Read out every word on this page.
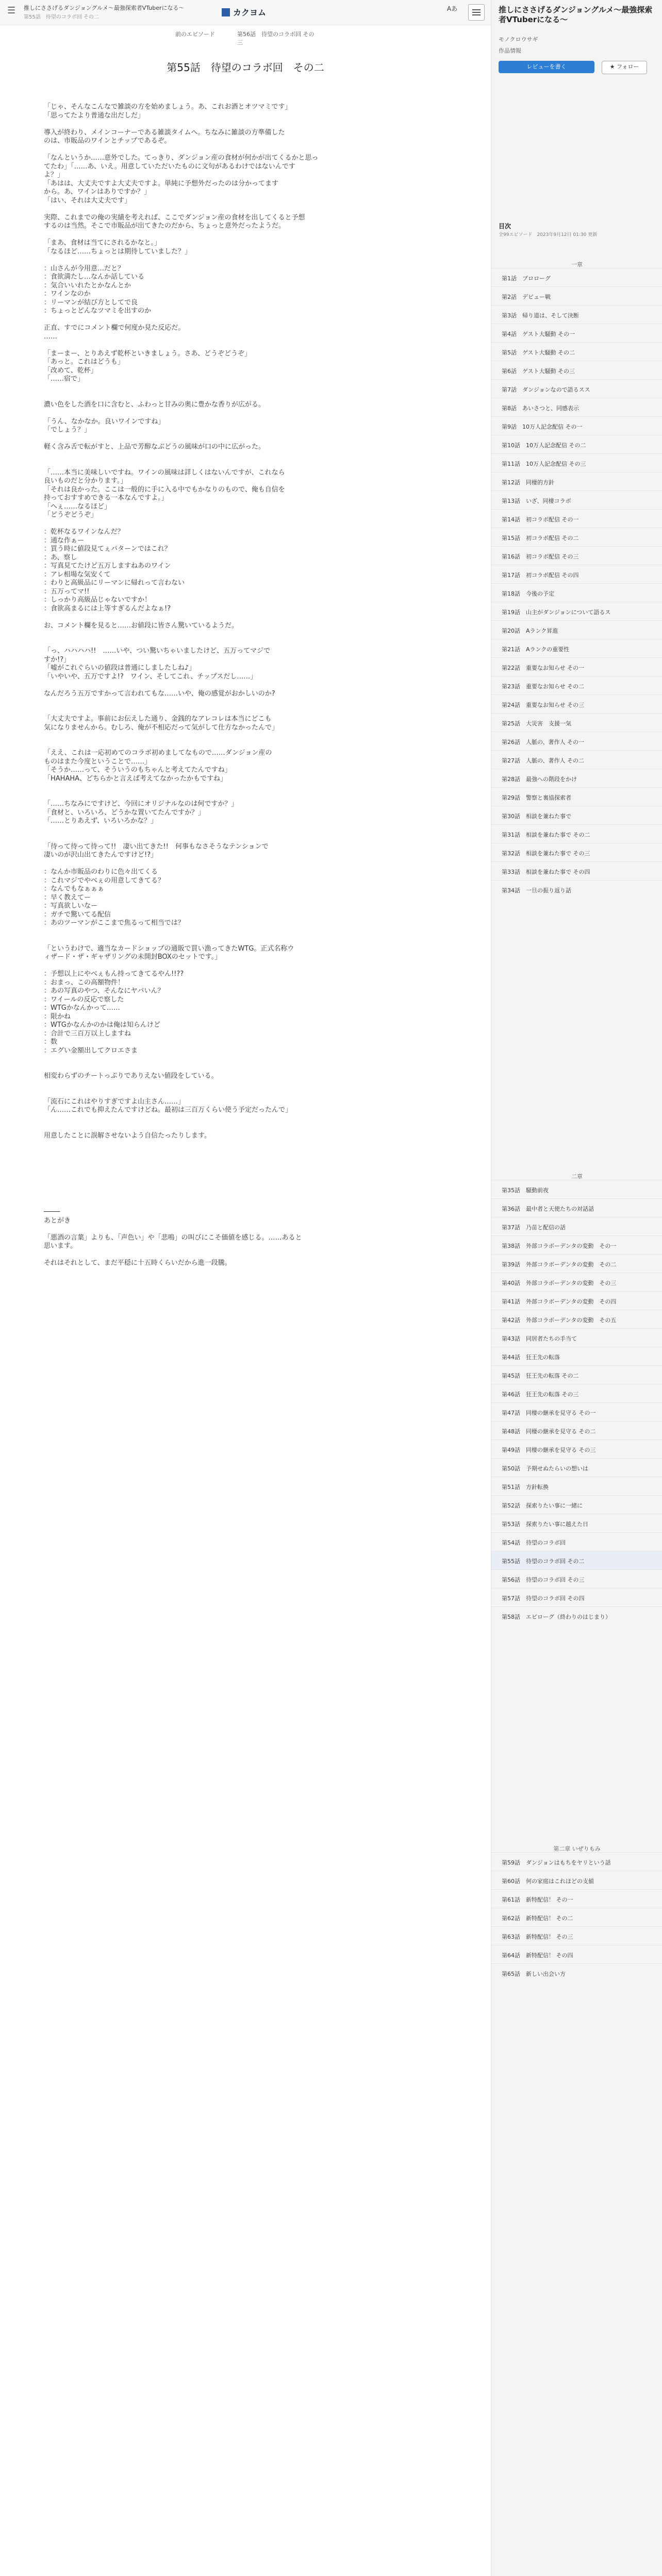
☰	推しにささげるダンジョングルメ～最強探索者VTuberになる～
第55話　待望のコラボ回 その二	カクヨム	Aあ
前のエピソード	第56話　待望のコラボ回 その三
第55話　待望のコラボ回　その二
「じゃ、そんなこんなで雑談の方を始めましょう。あ、これお酒とオツマミです」
「思ってたより普通な出だしだ」

導入が終わり、メインコーナーである雑談タイムへ。ちなみに雑談の方準備した
のは、市販品のワインとチップであるぞ。

「なんというか……意外でした。てっきり、ダンジョン産の食材が何かが出てくるかと思っ
てたわ」「……あ、いえ。用意していただいたものに文句があるわけではないんです
よ？」
「あはは、大丈夫ですよ大丈夫ですよ。単純に予想外だったのは分かってます
から。あ、ワインはありですか？」
「はい、それは大丈夫です」

実際、これまでの俺の実績を考えれば、ここでダンジョン産の食材を出してくると予想
するのは当然。そこで市販品が出てきたのだから、ちょっと意外だったようだ。

「まあ、食材は当てにされるかなと。」
「なるほど……ちょっとは期待していました？」

：山さんが今用意…だと？
：食欲満たし…なんか話している
：気合いいれたとかなんとか
：ワインなのか
：リーマンが結び方としてで良
：ちょっとどんなツマミを出すのか

正直、すでにコメント欄で何度か見た反応だ。
……

「まーまー、とりあえず乾杯といきましょう。さあ、どうぞどうぞ」
「あっと。これはどうも」
「改めて、乾杯」
「……宿で」

濃い色をした酒を口に含むと、ふわっと甘みの奥に豊かな香りが広がる。

「うん、なかなか。良いワインですね」
「でしょう？」

軽く含み舌で転がすと、上品で芳醇なぶどうの風味が口の中に広がった。

「……本当に美味しいですね。ワインの風味は詳しくはないんですが、これなら
良いものだと分かります。」
「それは良かった。ここは一般的に手に入る中でもかなりのもので、俺も自信を
持っておすすめできる一本なんですよ。」
「へぇ……なるほど」
「どうぞどうぞ」

：乾杯なるワインなんだ？
：通な作ぁー
：買う時に値段見てぇパターンではこれ？
：あ、察し
：写真見てたけど五万しますねあのワイン
：アレ相場な気安くて
：わりと高級品にリーマンに帰れって言わない
：五万ってマ!!
：しっかり高級品じゃないですか！
：食欲高まるには上等すぎるんだよなぁ!?

お、コメント欄を見ると……お値段に皆さん驚いているようだ。

「っ、ハハハハ!!　……いや、つい驚いちゃいましたけど、五万ってマジで
すか!?」
「嘘がこれぐらいの値段は普通にしましたしね♪」
「いやいや、五万ですよ!?　ワイン、そしてこれ、チップスだし……」

なんだろう五万ですかって言われてもな……いや、俺の感覚がおかしいのか?

「大丈夫ですよ。事前にお伝えした通り、金銭的なアレコレは本当にどこも
気になりませんから。むしろ、俺が不相応だって気がして仕方なかったんで」

「ええ、これは一応初めてのコラボ初めましてなもので……ダンジョン産の
ものはまた今度ということで……」
「そうか……って、そういうのもちゃんと考えてたんですね」
「HAHAHA、どちらかと言えば考えてなかったかもですね」

「……ちなみにですけど、今回にオリジナルなのは何ですか？」
「食材と、いろいろ、どうかな置いてたんですか？」
「……とりあえず、いろいろかな？」

「待って待って待って!!　凄い出てきた!!　何事もなさそうなテンションで
凄いのが沢山出てきたんですけど!?」

：なんか市販品のわりに色々出てくる
：これマジでやべぇの用意してきてる？
：なんでもなぁぁぁ
：早く教えてー
：写真欲しいなー
：ガチで驚いてる配信
：あのツーマンがここまで焦るって相当では？

「というわけで、適当なカードショップの通販で買い漁ってきたWTG。正式名称ウ
ィザード・ザ・ギャザリングの未開封BOXのセットです。」

：予想以上にやべぇもん持ってきてるやん!!??
：おまっ、この高額物件！
：あの写真のやつ、そんなにヤバいん？
：ワイールの反応で察した
：WTGかなんかって……
：限かね
：WTGかなんかのかは俺は知らんけど
：合計で三百万以上しますね
：数
：エグい金額出してクロエさま

相変わらずのチートっぷりでありえない値段をしている。

「流石にこれはやりすぎですよ山主さん……」
「ん……これでも抑えたんですけどね。最初は三百万くらい使う予定だったんで」

用意したことに誤解させないよう自信たったりします。

────
あとがき

「悪酒の言葉」よりも、「声色い」や「悲鳴」の叫びにこそ価値を感じる。……あると
思います。

それはそれとして、まだ平穏に十五時くらいだから進一段騰。
推しにささげるダンジョングルメ～最強探索者VTuberになる～
モノクロウサギ
作品情報
レビューを書く	★ フォロー
目次
全99エピソード　2023年9月12日 01:30 更新
一章
二章
第二章 いぜりもみ
第1話　プロローグ
第2話　デビュー戦
第3話　帰り道は、そして決断
第4話　ゲスト大騒動 その一
第5話　ゲスト大騒動 その二
第6話　ゲスト大騒動 その三
第7話　ダンジョンなので語るスス
第8話　あいさつと、同感表示
第9話　10万人記念配信 その一
第10話　10万人記念配信 その二
第11話　10万人記念配信 その三
第12話　同棲的方針
第13話　いざ、同棲コラボ
第14話　初コラボ配信 その一
第15話　初コラボ配信 その二
第16話　初コラボ配信 その三
第17話　初コラボ配信 その四
第18話　今後の予定
第19話　山主がダンジョンについて語るス
第20話　Aランク昇進
第21話　Aランクの重要性
第22話　重要なお知らせ その一
第23話　重要なお知らせ その二
第24話　重要なお知らせ その三
第25話　大災害　支援一気
第26話　人脈の、著作人 その一
第27話　人脈の、著作人 その二
第28話　最強への階段をかけ
第29話　警察と裏協探索者
第30話　相談を兼ねた事で
第31話　相談を兼ねた事で その二
第32話　相談を兼ねた事で その三
第33話　相談を兼ねた事で その四
第34話　一旦の振り返り話
第35話　騒動前夜
第36話　最中者と天使たちの対話話
第37話　乃苗と配信の話
第38話　外部コラボーデンタの変動　その一
第39話　外部コラボーデンタの変動　その二
第40話　外部コラボーデンタの変動　その三
第41話　外部コラボーデンタの変動　その四
第42話　外部コラボーデンタの変動　その五
第43話　同居者たちの手当て
第44話　狂王先の転落
第45話　狂王先の転落 その二
第46話　狂王先の転落 その三
第47話　同棲の継承を見守る その一
第48話　同棲の継承を見守る その二
第49話　同棲の継承を見守る その三
第50話　予期せぬたらいの想いは
第51話　方針転換
第52話　探索りたい事に一緒に
第53話　探索りたい事に越えた日
第54話　待望のコラボ回
第55話　待望のコラボ回 その二
第56話　待望のコラボ回 その三
第57話　待望のコラボ回 その四
第58話　エピローグ（終わりのはじまり）
第59話　ダンジョンはもちをヤリという話
第60話　何の家庭はこれほどの支値
第61話　新特配信！ その一
第62話　新特配信！ その二
第63話　新特配信！ その三
第64話　新特配信！ その四
第65話　新しい出会い方
